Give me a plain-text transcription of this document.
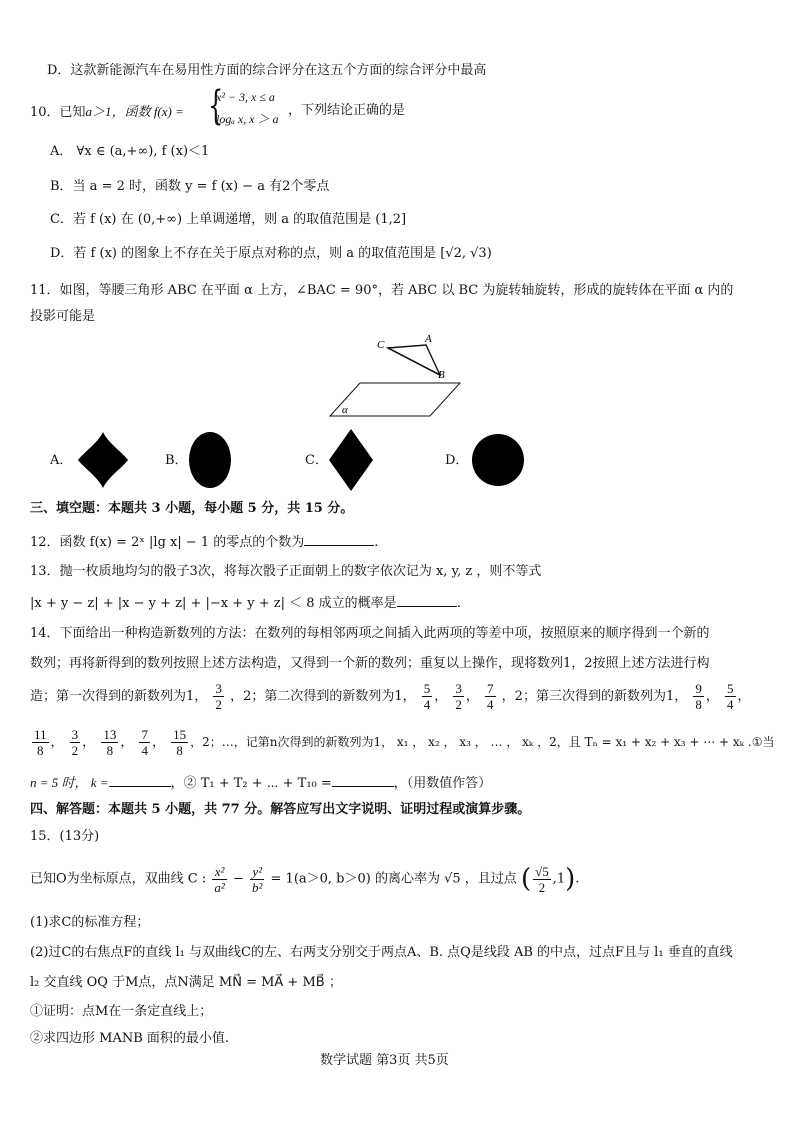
D．这款新能源汽车在易用性方面的综合评分在这五个方面的综合评分中最高
10．已知a＞1，函数 f(x) = {
x² − 3, x ≤ a
logₐ x, x ＞ a
，下列结论正确的是
A． ∀x ∈ (a,+∞), f (x)＜1
B．当 a = 2 时，函数 y = f (x) − a 有2个零点
C．若 f (x) 在 (0,+∞) 上单调递增，则 a 的取值范围是 (1,2]
D．若 f (x) 的图象上不存在关于原点对称的点，则 a 的取值范围是 [√2, √3)
11．如图，等腰三角形 ABC 在平面 α 上方，∠BAC = 90°，若 ABC 以 BC 为旋转轴旋转，形成的旋转体在平面 α 内的
投影可能是
C	A
B
α
A．	B．	C．	D．
三、填空题：本题共 3 小题，每小题 5 分，共 15 分。
12．函数 f(x) = 2ˣ |lg x| − 1 的零点的个数为	.
13．抛一枚质地均匀的骰子3次，将每次骰子正面朝上的数字依次记为 x, y, z ，则不等式
|x + y − z| + |x − y + z| + |−x + y + z| ＜ 8 成立的概率是	.
14．下面给出一种构造新数列的方法：在数列的每相邻两项之间插入此两项的等差中项，按照原来的顺序得到一个新的
数列；再将新得到的数列按照上述方法构造，又得到一个新的数列；重复以上操作，现将数列1，2按照上述方法进行构
造；第一次得到的新数列为1， $\frac{3}{2}$ ，2；第二次得到的新数列为1， $\frac{5}{4}$ ， $\frac{3}{2}$ ， $\frac{7}{4}$ ，2；第三次得到的新数列为1， $\frac{9}{8}$ ， $\frac{5}{4}$ ，
$\frac{11}{8}$ ， $\frac{3}{2}$ ， $\frac{13}{8}$ ， $\frac{7}{4}$ ， $\frac{15}{8}$ ，2；…，记第n次得到的新数列为1， x₁ ， x₂ ， x₃ ， … ， xₖ ，2，且 Tₙ = x₁ + x₂ + x₃ + ⋯ + xₖ .①当
n = 5 时， k =	，② T₁ + T₂ + ⋯ + T₁₀ =	，（用数值作答）
四、解答题：本题共 5 小题，共 77 分。解答应写出文字说明、证明过程或演算步骤。
15．(13分)
已知O为坐标原点，双曲线 C : $\frac{\text{x²}}{\text{a²}} - \frac{\text{y²}}{\text{b²}} = 1(a>0$, b＞0) 的离心率为 √5 ，且过点 ( $\frac{√5}{2} ,1$).
(1)求C的标准方程；
(2)过C的右焦点F的直线 l₁ 与双曲线C的左、右两支分别交于两点A、B. 点Q是线段 AB 的中点，过点F且与 l₁ 垂直的直线
l₂ 交直线 OQ 于M点，点N满足 MN⃗ = MA⃗ + MB⃗ ；
①证明：点M在一条定直线上；
②求四边形 MANB 面积的最小值.
数学试题 第3页 共5页
